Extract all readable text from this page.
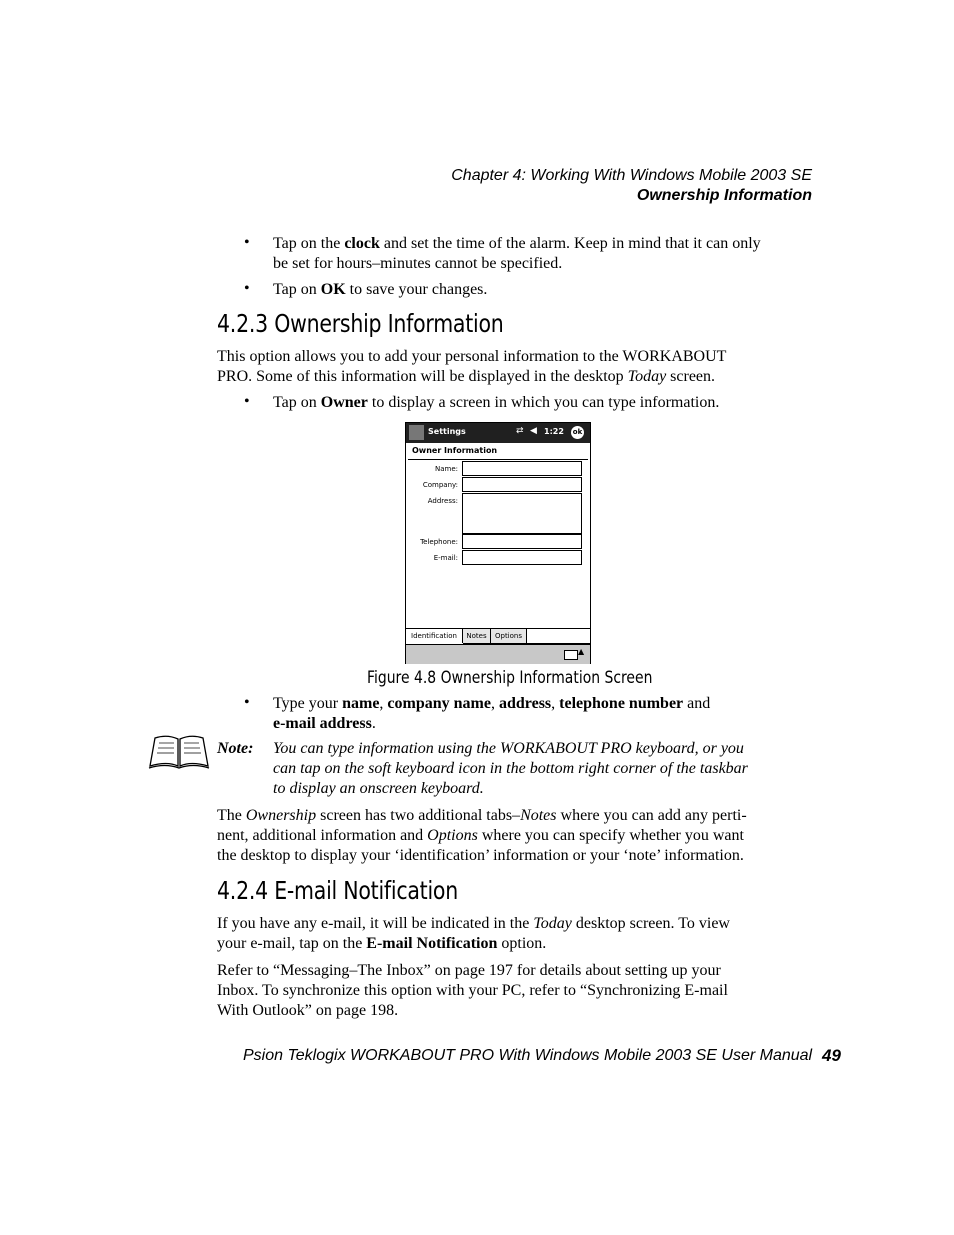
Chapter 4: Working With Windows Mobile 2003 SE
Ownership Information
• Tap on the clock and set the time of the alarm. Keep in mind that it can only
be set for hours–minutes cannot be specified.
• Tap on OK to save your changes.
4.2.3 Ownership Information
This option allows you to add your personal information to the WORKABOUT
PRO. Some of this information will be displayed in the desktop Today screen.
• Tap on Owner to display a screen in which you can type information.
Settings	⇄ ◀ 1:22 ok
Owner Information
Name:
Company:
Address:
Telephone:
E-mail:
Identification	Notes	Options
▲
Figure 4.8 Ownership Information Screen
• Type your name, company name, address, telephone number and
e-mail address.
Note: You can type information using the WORKABOUT PRO keyboard, or you
can tap on the soft keyboard icon in the bottom right corner of the taskbar
to display an onscreen keyboard.
The Ownership screen has two additional tabs–Notes where you can add any perti-
nent, additional information and Options where you can specify whether you want
the desktop to display your ‘identification’ information or your ‘note’ information.
4.2.4 E-mail Notification
If you have any e-mail, it will be indicated in the Today desktop screen. To view
your e-mail, tap on the E-mail Notification option.
Refer to “Messaging–The Inbox” on page 197 for details about setting up your
Inbox. To synchronize this option with your PC, refer to “Synchronizing E-mail
With Outlook” on page 198.
Psion Teklogix WORKABOUT PRO With Windows Mobile 2003 SE User Manual 49
